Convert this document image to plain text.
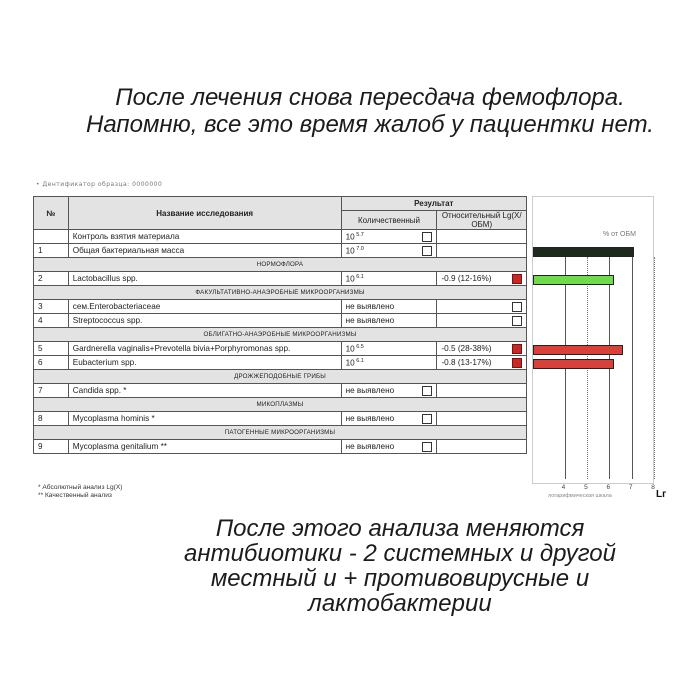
После лечения снова пересдача фемофлора.
Напомню, все это время жалоб у пациентки нет.
• Дентификатор образца: 0000000
№	Название исследования	Результат	
		Количественный	Относительный Lg(X/ОБМ)
	Контроль взятия материала	10 $^{5.7}$

1	Общая бактериальная масса	10 $^{7.0}$

НОРМОФЛОРА			
2	Lactobacillus spp.	10 $^{6.1}$	-0.9 (12-16%)

ФАКУЛЬТАТИВНО-АНАЭРОБНЫЕ МИКРООРГАНИЗМЫ			
3	сем.Enterobacteriaceae	не выявлено	

4	Streptococcus spp.	не выявлено	

ОБЛИГАТНО-АНАЭРОБНЫЕ МИКРООРГАНИЗМЫ			
5	Gardnerella vaginalis+Prevotella bivia+Porphyromonas spp.	10 $^{6.5}$	-0.5 (28-38%)

6	Eubacterium spp.	10 $^{6.1}$	-0.8 (13-17%)

ДРОЖЖЕПОДОБНЫЕ ГРИБЫ			
7	Candida spp. *	не выявлено	

МИКОПЛАЗМЫ			
8	Mycoplasma hominis *	не выявлено	

ПАТОГЕННЫЕ МИКРООРГАНИЗМЫ			
9	Mycoplasma genitalium **	не выявлено	

* Абсолютный анализ Lg(X)
** Качественный анализ
% от ОБМ
4	5	6	7	8
логарифмическая шкала	Lг
После этого анализа меняются
антибиотики - 2 системных и другой
местный и + противовирусные и
лактобактерии
